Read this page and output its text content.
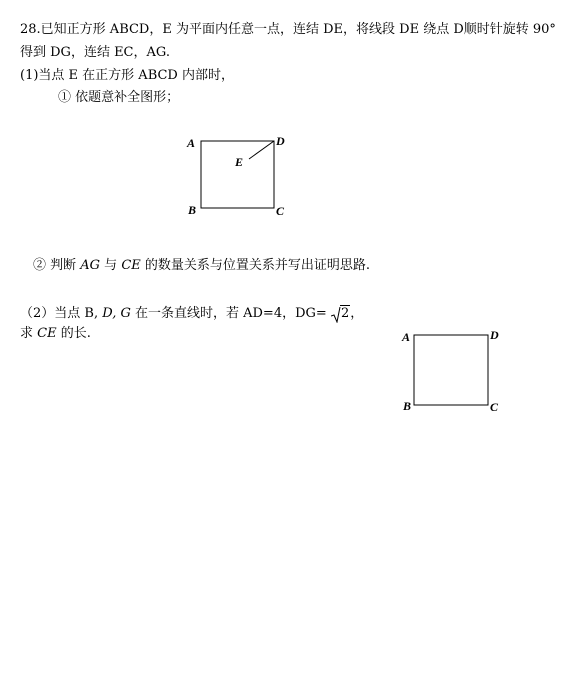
28.已知正方形 ABCD，E 为平面内任意一点，连结 DE，将线段 DE 绕点 D顺时针旋转 90°
得到 DG，连结 EC，AG.
(1)当点 E 在正方形 ABCD 内部时，
① 依题意补全图形；
A	D
E
B	C
② 判断 AG 与 CE 的数量关系与位置关系并写出证明思路.
（2）当点 B, D, G 在一条直线时，若 AD=4，DG=
2，
求 CE 的长.	A	D
B	C
